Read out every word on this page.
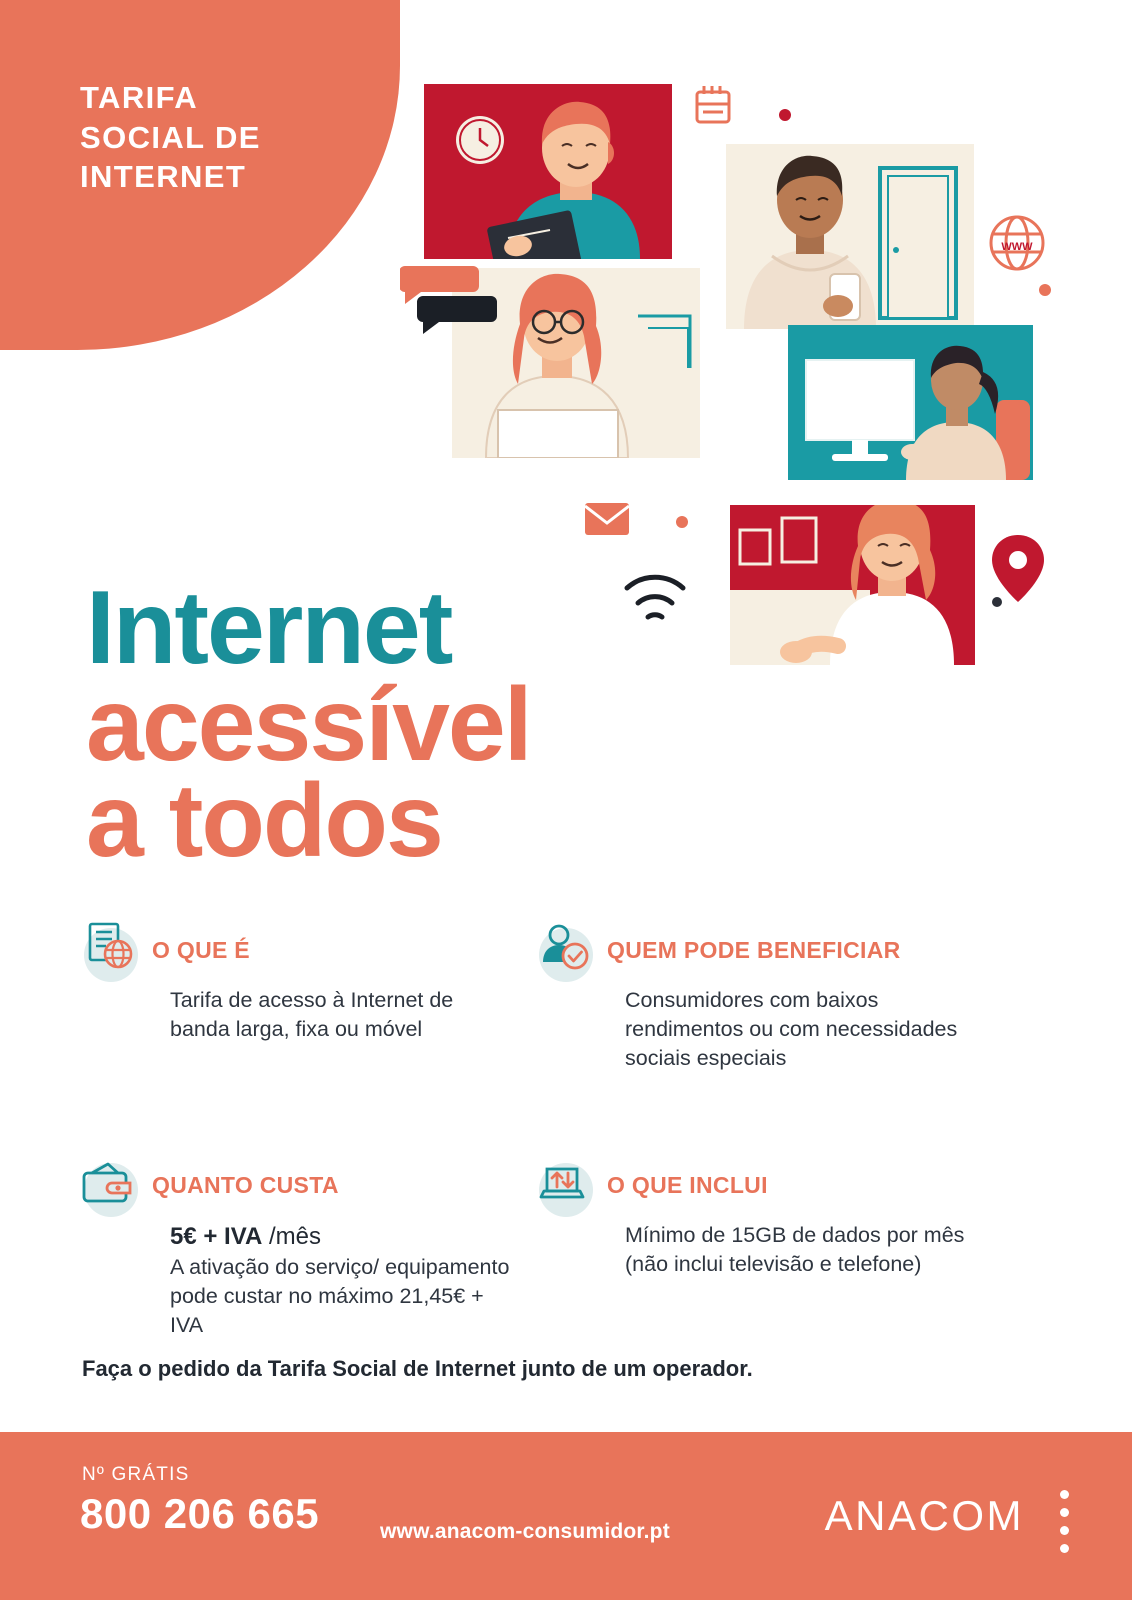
WWW
TARIFA
SOCIAL DE
INTERNET
Internet
acessível
a todos
O QUE É
Tarifa de acesso à Internet de banda larga, fixa ou móvel
QUEM PODE BENEFICIAR
Consumidores com baixos rendimentos ou com necessidades sociais especiais
QUANTO CUSTA
5€ + IVA /mês
A ativação do serviço/ equipamento pode custar no máximo 21,45€ + IVA
O QUE INCLUI
Mínimo de 15GB de dados por mês (não inclui televisão e telefone)
Faça o pedido da Tarifa Social de Internet junto de um operador.
Nº GRÁTIS
800 206 665	www.anacom-consumidor.pt	ANACOM
